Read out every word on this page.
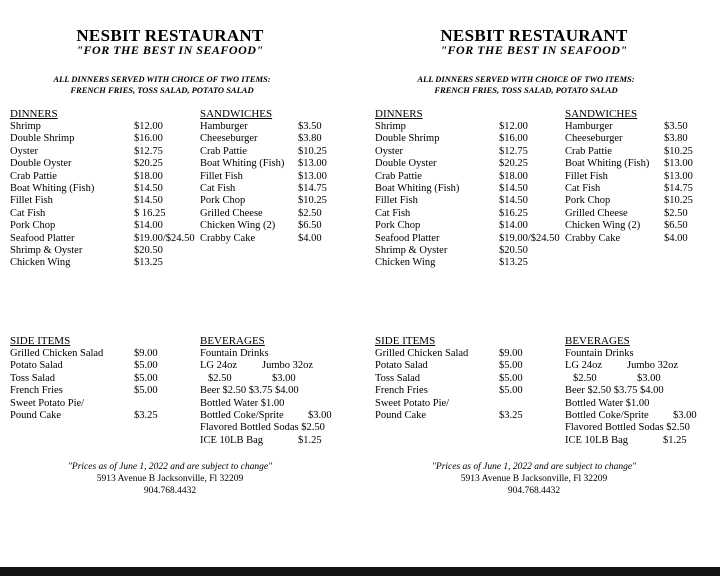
NESBIT RESTAURANT
"FOR THE BEST IN SEAFOOD"
ALL DINNERS SERVED WITH CHOICE OF TWO ITEMS:
FRENCH FRIES, TOSS SALAD, POTATO SALAD
DINNERS
Shrimp	$12.00
Double Shrimp	$16.00
Oyster	$12.75
Double Oyster	$20.25
Crab Pattie	$18.00
Boat Whiting (Fish)	$14.50
Fillet Fish	$14.50
Cat Fish	$ 16.25
Pork Chop	$14.00
Seafood Platter	$19.00/$24.50
Shrimp & Oyster	$20.50
Chicken Wing	$13.25
SANDWICHES
Hamburger	$3.50
Cheeseburger	$3.80
Crab Pattie	$10.25
Boat Whiting (Fish) $13.00
Fillet Fish	$13.00
Cat Fish	$14.75
Pork Chop	$10.25
Grilled Cheese	$2.50
Chicken Wing (2) $6.50
Crabby Cake	$4.00
SIDE ITEMS
Grilled Chicken Salad	$9.00
Potato Salad	$5.00
Toss Salad	$5.00
French Fries	$5.00
Sweet Potato Pie/
Pound Cake	$3.25
BEVERAGES
Fountain Drinks
LG 24oz Jumbo 32oz
$2.50	$3.00
Beer $2.50 $3.75 $4.00
Bottled Water $1.00
Bottled Coke/Sprite $3.00
Flavored Bottled Sodas $2.50
ICE 10LB Bag	$1.25
"Prices as of June 1, 2022 and are subject to change"
5913 Avenue B Jacksonville, Fl 32209
904.768.4432
NESBIT RESTAURANT
"FOR THE BEST IN SEAFOOD"
ALL DINNERS SERVED WITH CHOICE OF TWO ITEMS:
FRENCH FRIES, TOSS SALAD, POTATO SALAD
DINNERS
Shrimp	$12.00
Double Shrimp	$16.00
Oyster	$12.75
Double Oyster	$20.25
Crab Pattie	$18.00
Boat Whiting (Fish)	$14.50
Fillet Fish	$14.50
Cat Fish	$16.25
Pork Chop	$14.00
Seafood Platter	$19.00/$24.50
Shrimp & Oyster	$20.50
Chicken Wing	$13.25
SANDWICHES
Hamburger	$3.50
Cheeseburger	$3.80
Crab Pattie	$10.25
Boat Whiting (Fish) $13.00
Fillet Fish	$13.00
Cat Fish	$14.75
Pork Chop	$10.25
Grilled Cheese	$2.50
Chicken Wing (2) $6.50
Crabby Cake	$4.00
SIDE ITEMS
Grilled Chicken Salad	$9.00
Potato Salad	$5.00
Toss Salad	$5.00
French Fries	$5.00
Sweet Potato Pie/
Pound Cake	$3.25
BEVERAGES
Fountain Drinks
LG 24oz Jumbo 32oz
$2.50	$3.00
Beer $2.50 $3.75 $4.00
Bottled Water $1.00
Bottled Coke/Sprite $3.00
Flavored Bottled Sodas $2.50
ICE 10LB Bag	$1.25
"Prices as of June 1, 2022 and are subject to change"
5913 Avenue B Jacksonville, Fl 32209
904.768.4432
